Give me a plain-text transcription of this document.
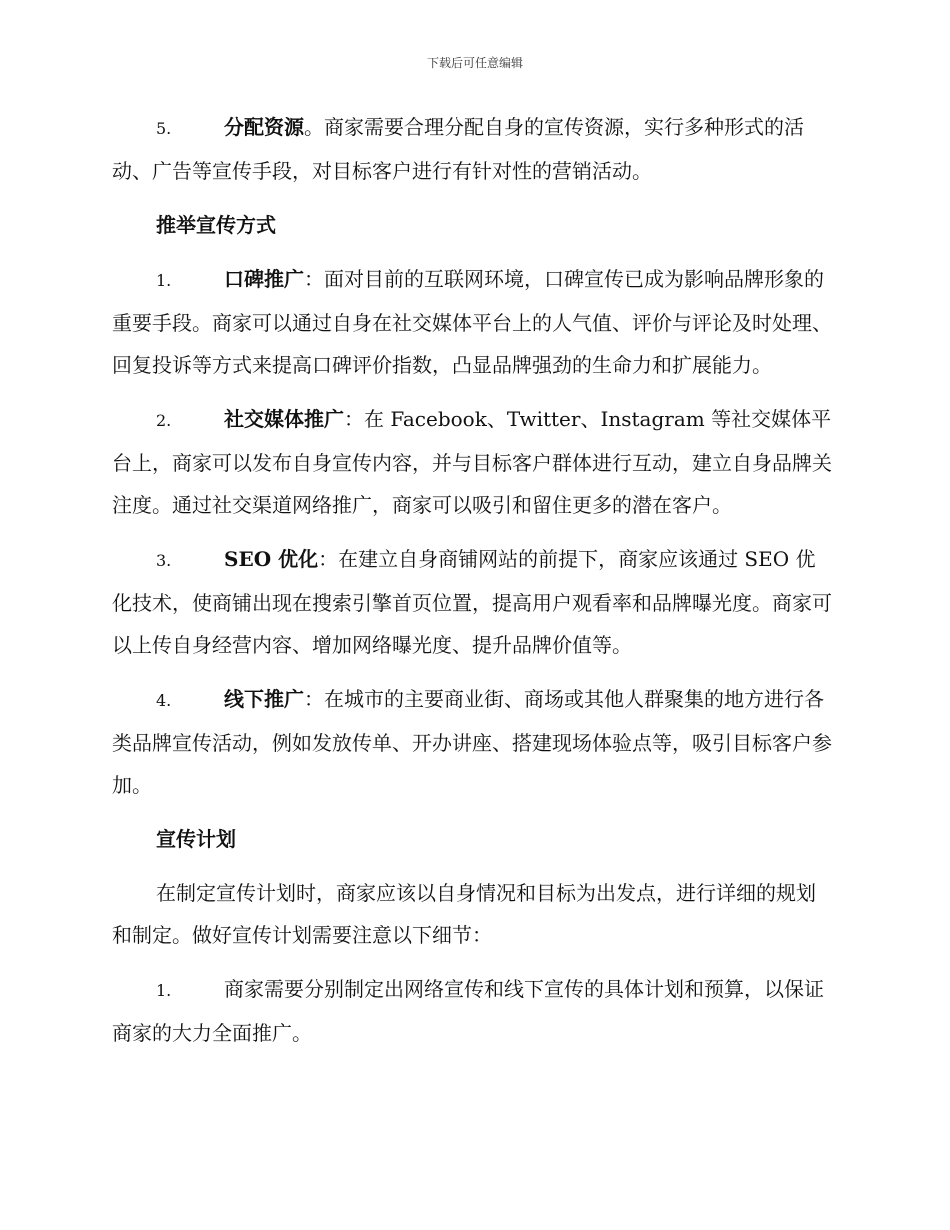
下载后可任意编辑

5.	分配资源。商家需要合理分配自身的宣传资源，实行多种形式的活动、广告等宣传手段，对目标客户进行有针对性的营销活动。

推举宣传方式

1.	口碑推广：面对目前的互联网环境，口碑宣传已成为影响品牌形象的重要手段。商家可以通过自身在社交媒体平台上的人气值、评价与评论及时处理、回复投诉等方式来提高口碑评价指数，凸显品牌强劲的生命力和扩展能力。

2.	社交媒体推广：在 Facebook、Twitter、Instagram 等社交媒体平台上，商家可以发布自身宣传内容，并与目标客户群体进行互动，建立自身品牌关注度。通过社交渠道网络推广，商家可以吸引和留住更多的潜在客户。

3.	SEO 优化：在建立自身商铺网站的前提下，商家应该通过 SEO 优化技术，使商铺出现在搜索引擎首页位置，提高用户观看率和品牌曝光度。商家可以上传自身经营内容、增加网络曝光度、提升品牌价值等。

4.	线下推广：在城市的主要商业街、商场或其他人群聚集的地方进行各类品牌宣传活动，例如发放传单、开办讲座、搭建现场体验点等，吸引目标客户参加。

宣传计划

在制定宣传计划时，商家应该以自身情况和目标为出发点，进行详细的规划和制定。做好宣传计划需要注意以下细节：

1.	商家需要分别制定出网络宣传和线下宣传的具体计划和预算，以保证商家的大力全面推广。
